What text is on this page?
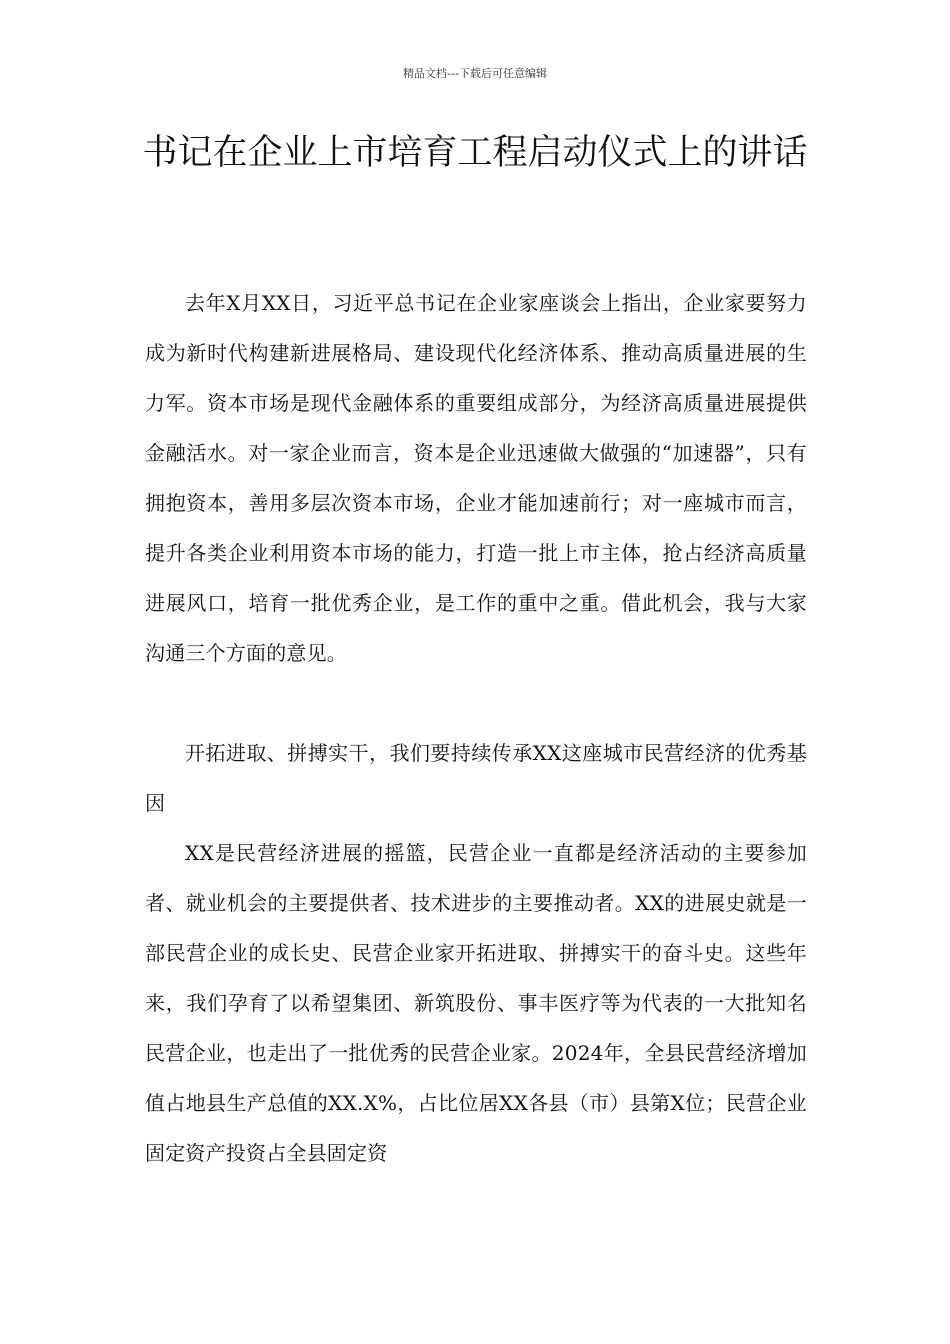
精品文档---下载后可任意编辑
书记在企业上市培育工程启动仪式上的讲话

去年X月XX日，习近平总书记在企业家座谈会上指出，企业家要努力成为新时代构建新进展格局、建设现代化经济体系、推动高质量进展的生力军。资本市场是现代金融体系的重要组成部分，为经济高质量进展提供金融活水。对一家企业而言，资本是企业迅速做大做强的“加速器”，只有拥抱资本，善用多层次资本市场，企业才能加速前行；对一座城市而言，提升各类企业利用资本市场的能力，打造一批上市主体，抢占经济高质量进展风口，培育一批优秀企业，是工作的重中之重。借此机会，我与大家沟通三个方面的意见。

开拓进取、拼搏实干，我们要持续传承XX这座城市民营经济的优秀基因

XX是民营经济进展的摇篮，民营企业一直都是经济活动的主要参加者、就业机会的主要提供者、技术进步的主要推动者。XX的进展史就是一部民营企业的成长史、民营企业家开拓进取、拼搏实干的奋斗史。这些年来，我们孕育了以希望集团、新筑股份、事丰医疗等为代表的一大批知名民营企业，也走出了一批优秀的民营企业家。2024年，全县民营经济增加值占地县生产总值的XX.X%，占比位居XX各县（市）县第X位；民营企业固定资产投资占全县固定资
